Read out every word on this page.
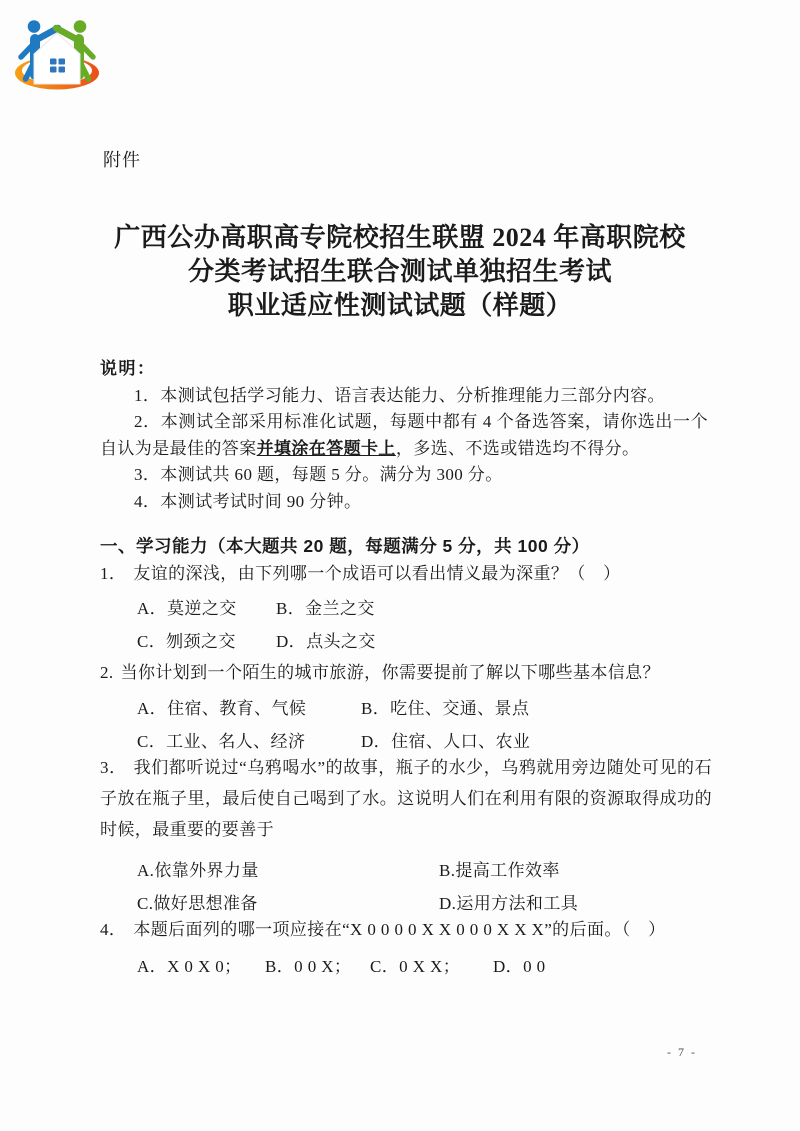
附件
广西公办高职高专院校招生联盟 2024 年高职院校
分类考试招生联合测试单独招生考试
职业适应性测试试题（样题）
说明：

1．本测试包括学习能力、语言表达能力、分析推理能力三部分内容。

2．本测试全部采用标准化试题，每题中都有 4 个备选答案，请你选出一个自认为是最佳的答案并填涂在答题卡上，多选、不选或错选均不得分。

3．本测试共 60 题，每题 5 分。满分为 300 分。

4．本测试考试时间 90 分钟。

一、学习能力（本大题共 20 题，每题满分 5 分，共 100 分）

1． 友谊的深浅，由下列哪一个成语可以看出情义最为深重？（　）

A．莫逆之交 B．金兰之交
C．刎颈之交 D．点头之交

2. 当你计划到一个陌生的城市旅游，你需要提前了解以下哪些基本信息？

A．住宿、教育、气候	B．吃住、交通、景点
C．工业、名人、经济	D．住宿、人口、农业

3． 我们都听说过“乌鸦喝水”的故事，瓶子的水少，乌鸦就用旁边随处可见的石子放在瓶子里，最后使自己喝到了水。这说明人们在利用有限的资源取得成功的时候，最重要的要善于

A.依靠外界力量	B.提高工作效率
C.做好思想准备	D.运用方法和工具

4． 本题后面列的哪一项应接在“X 0 0 0 0 X X 0 0 0 X X X”的后面。（　）

A．X 0 X 0； B．0 0 X； C．0 X X； D．0 0
- 7 -
